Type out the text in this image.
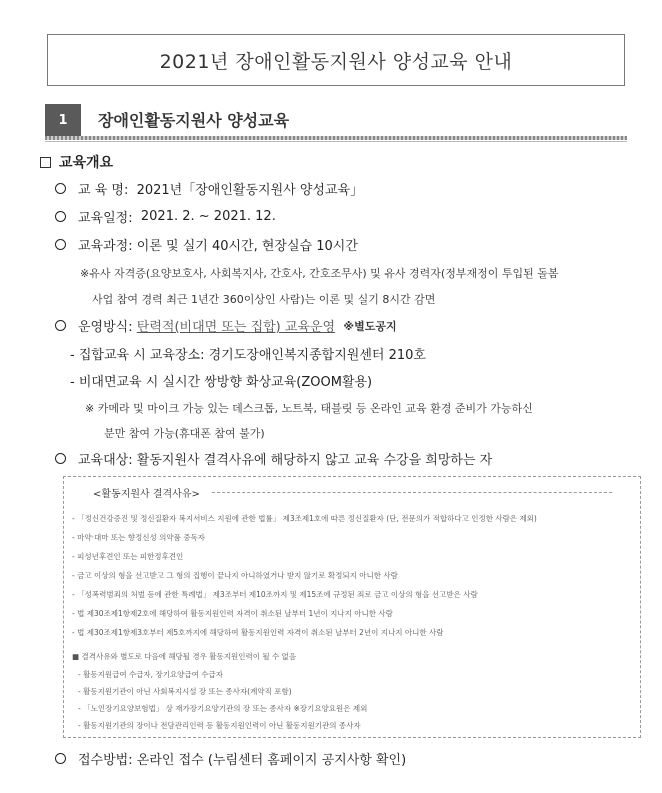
2021년 장애인활동지원사 양성교육 안내
1	장애인활동지원사 양성교육
교육개요
교 육 명:
2021년「장애인활동지원사 양성교육」
교육일정:
2021. 2. ~ 2021. 12.
교육과정:
이론 및 실기 40시간, 현장실습 10시간
※유사 자격증(요양보호사, 사회복지사, 간호사, 간호조무사) 및 유사 경력자(정부재정이 투입된 돌봄
사업 참여 경력 최근 1년간 360이상인 사람)는 이론 및 실기 8시간 감면
운영방식:
탄력적(비대면 또는 집합) 교육운영
※별도공지
- 집합교육 시 교육장소: 경기도장애인복지종합지원센터 210호
- 비대면교육 시 실시간 쌍방향 화상교육(ZOOM활용)
※ 카메라 및 마이크 가능 있는 데스크톱, 노트북, 태블릿 등 온라인 교육 환경 준비가 가능하신
분만 참여 가능(휴대폰 참여 불가)
교육대상:
활동지원사 결격사유에 해당하지 않고 교육 수강을 희망하는 자
<활동지원사 결격사유>
- 「정신건강증진 및 정신질환자 복지서비스 지원에 관한 법률」 제3조제1호에 따른 정신질환자 (단, 전문의가 적합하다고 인정한 사람은 제외)
- 마약·대마 또는 향정신성 의약품 중독자
- 피성년후견인 또는 피한정후견인
- 금고 이상의 형을 선고받고 그 형의 집행이 끝나지 아니하였거나 받지 않기로 확정되지 아니한 사람
- 「성폭력범죄의 처벌 등에 관한 특례법」 제3조부터 제10조까지 및 제15조에 규정된 죄로 금고 이상의 형을 선고받은 사람
- 법 제30조제1항제2호에 해당하여 활동지원인력 자격이 취소된 날부터 1년이 지나지 아니한 사람
- 법 제30조제1항제3호부터 제5호까지에 해당하여 활동지원인력 자격이 취소된 날부터 2년이 지나지 아니한 사람
■ 결격사유와 별도로 다음에 해당될 경우 활동지원인력이 될 수 없음
- 활동지원급여 수급자, 장기요양급여 수급자
- 활동지원기관이 아닌 사회복지시설 장 또는 종사자(계약직 포함)
- 「노인장기요양보험법」 상 재가장기요양기관의 장 또는 종사자 ※장기요양요원은 제외
- 활동지원기관의 장이나 전담관리인력 등 활동지원인력이 아닌 활동지원기관의 종사자
접수방법:
온라인 접수 (누림센터 홈페이지 공지사항 확인)
